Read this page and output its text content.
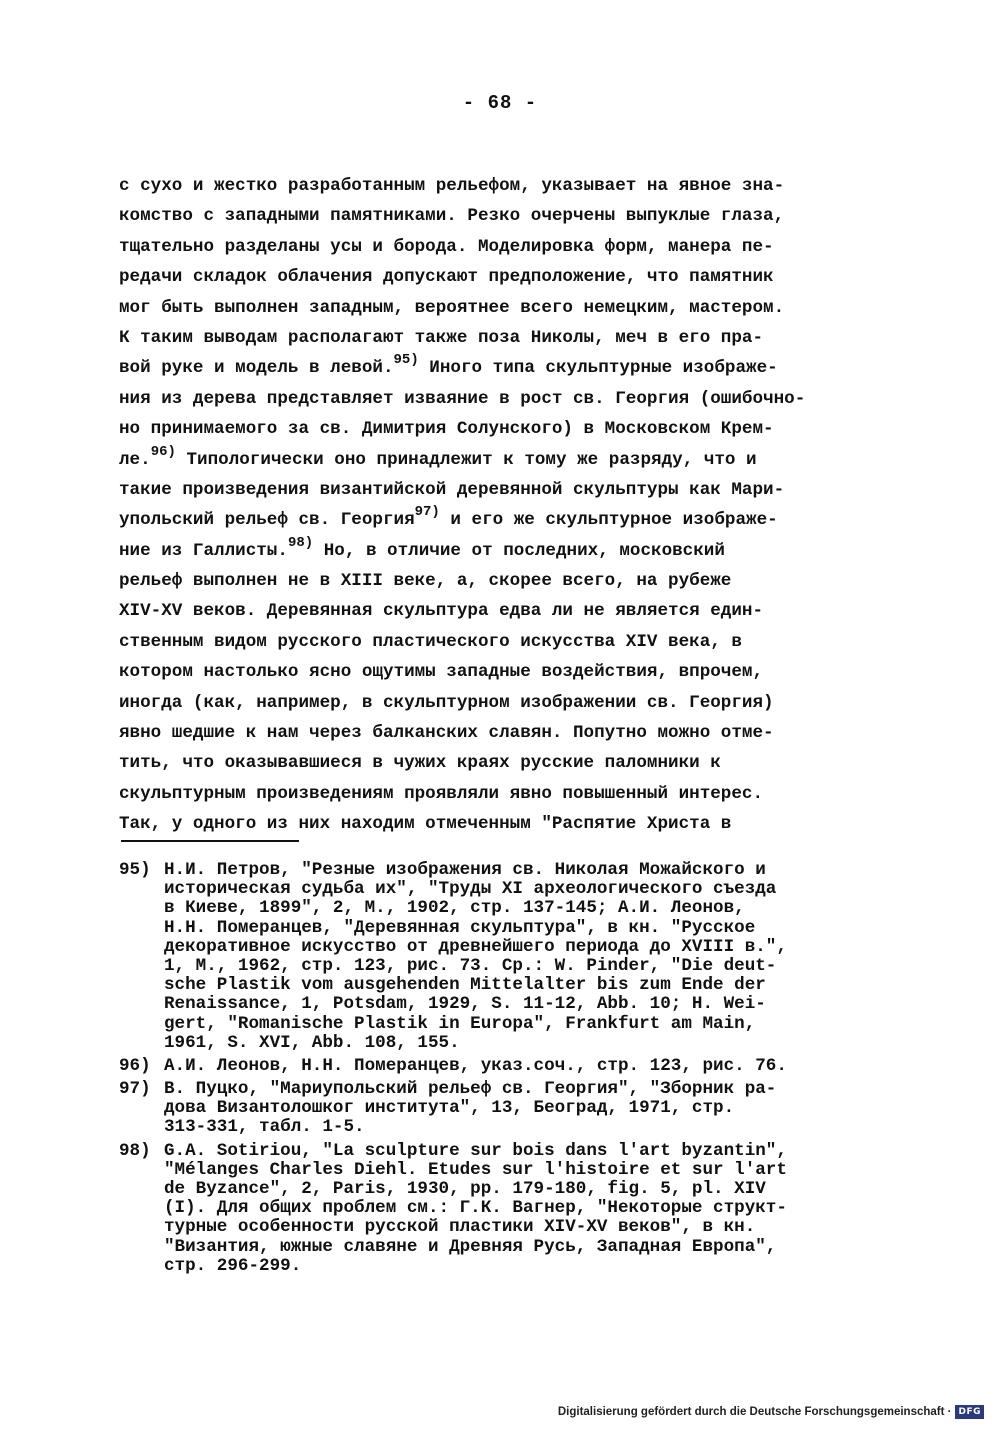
- 68 -
с сухо и жестко разработанным рельефом, указывает на явное зна-
комство с западными памятниками. Резко очерчены выпуклые глаза,
тщательно разделаны усы и борода. Моделировка форм, манера пе-
редачи складок облачения допускают предположение, что памятник
мог быть выполнен западным, вероятнее всего немецким, мастером.
К таким выводам располагают также поза Николы, меч в его пра-
вой руке и модель в левой.$^{95)}$ Иного типа скульптурные изображе-
ния из дерева представляет изваяние в рост св. Георгия (ошибочно-
но принимаемого за св. Димитрия Солунского) в Московском Крем-
ле.$^{96)}$ Типологически оно принадлежит к тому же разряду, что и
такие произведения византийской деревянной скульптуры как Мари-
упольский рельеф св. Георгия$^{97)}$ и его же скульптурное изображе-
ние из Галлисты.$^{98)}$ Но, в отличие от последних, московский
рельеф выполнен не в XIII веке, а, скорее всего, на рубеже
XIV-XV веков. Деревянная скульптура едва ли не является един-
ственным видом русского пластического искусства XIV века, в
котором настолько ясно ощутимы западные воздействия, впрочем,
иногда (как, например, в скульптурном изображении св. Георгия)
явно шедшие к нам через балканских славян. Попутно можно отме-
тить, что оказывавшиеся в чужих краях русские паломники к
скульптурным произведениям проявляли явно повышенный интерес.
Так, у одного из них находим отмеченным "Распятие Христа в
95) Н.И. Петров, "Резные изображения св. Николая Можайского и
историческая судьба их", "Труды XI археологического съезда
в Киеве, 1899", 2, М., 1902, стр. 137-145; А.И. Леонов,
Н.Н. Померанцев, "Деревянная скульптура", в кн. "Русское
декоративное искусство от древнейшего периода до XVIII в.",
1, М., 1962, стр. 123, рис. 73. Ср.: W. Pinder, "Die deut-
sche Plastik vom ausgehenden Mittelalter bis zum Ende der
Renaissance, 1, Potsdam, 1929, S. 11-12, Abb. 10; H. Wei-
gert, "Romanische Plastik in Europa", Frankfurt am Main,
1961, S. XVI, Abb. 108, 155.
96) А.И. Леонов, Н.Н. Померанцев, указ.соч., стр. 123, рис. 76.
97) В. Пуцко, "Мариупольский рельеф св. Георгия", "Зборник ра-
дова Византолошког института", 13, Београд, 1971, стр.
313-331, табл. 1-5.
98) G.A. Sotiriou, "La sculpture sur bois dans l'art byzantin",
"Mélanges Charles Diehl. Etudes sur l'histoire et sur l'art
de Byzance", 2, Paris, 1930, pp. 179-180, fig. 5, pl. XIV
(I). Для общих проблем см.: Г.К. Вагнер, "Некоторые структ-
турные особенности русской пластики XIV-XV веков", в кн.
"Византия, южные славяне и Древняя Русь, Западная Европа",
стр. 296-299.
Digitalisierung gefördert durch die Deutsche Forschungsgemeinschaft · DFG
